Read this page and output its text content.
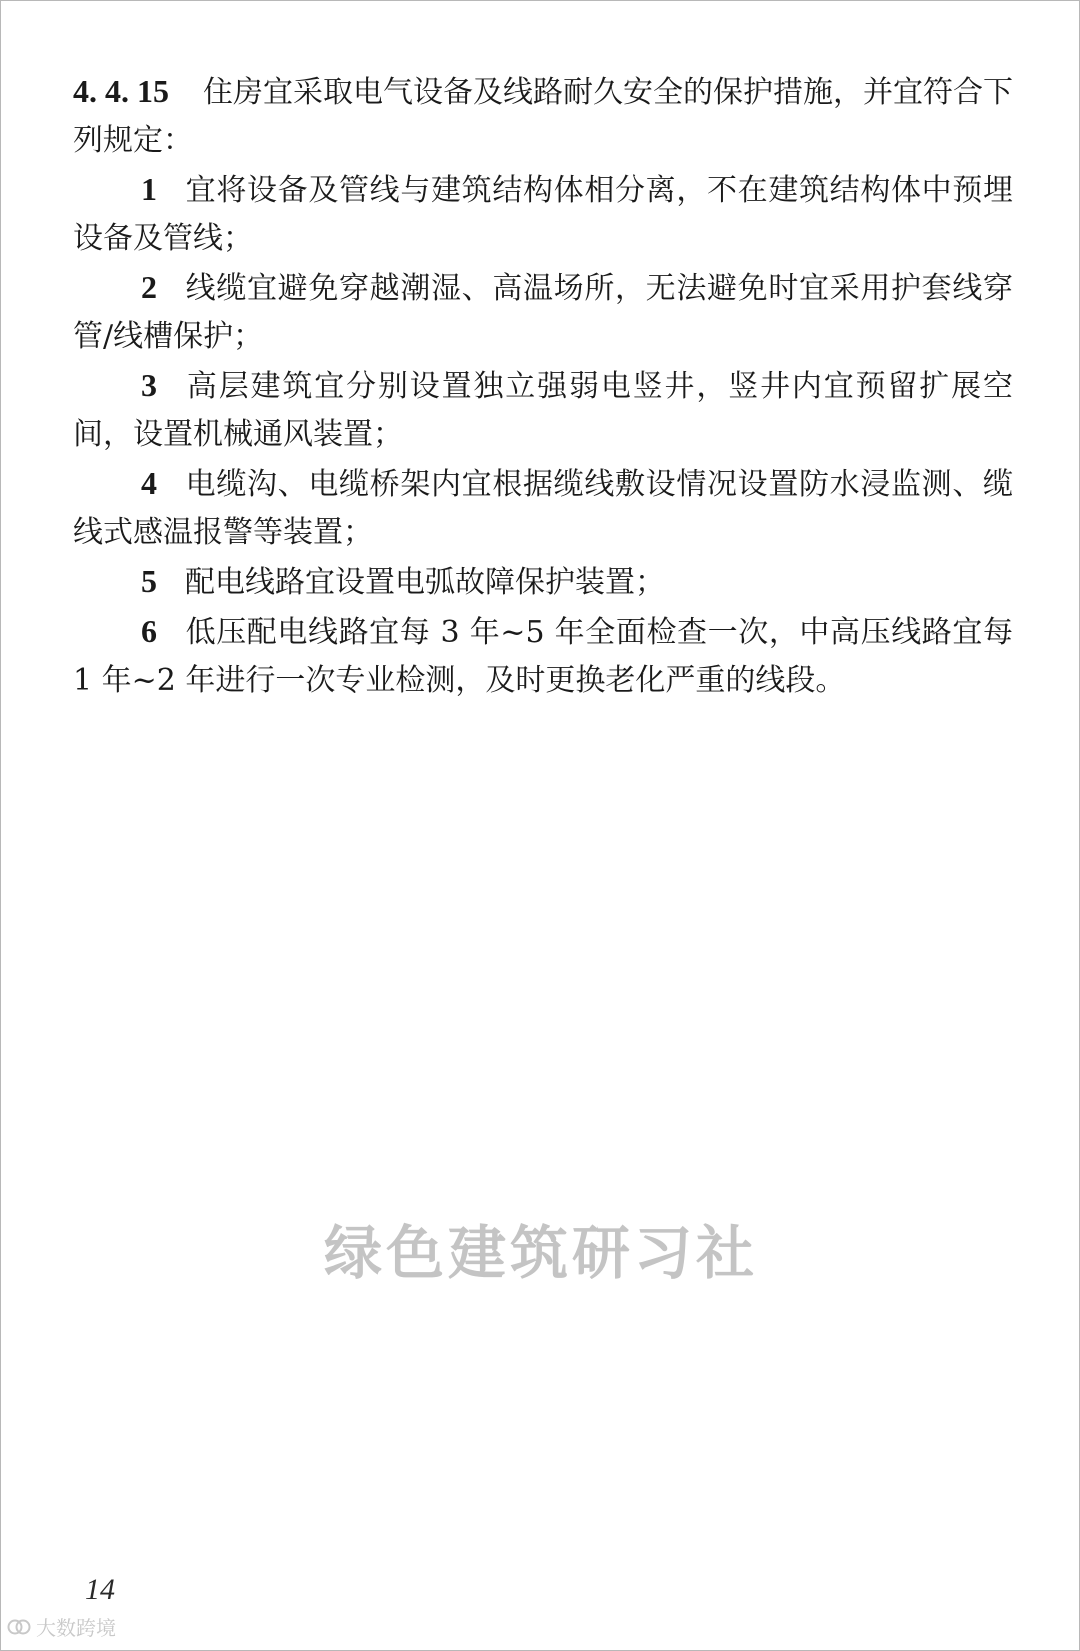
4. 4. 15 住房宜采取电气设备及线路耐久安全的保护措施，并宜符合下列规定：

1 宜将设备及管线与建筑结构体相分离，不在建筑结构体中预埋设备及管线；

2 线缆宜避免穿越潮湿、高温场所，无法避免时宜采用护套线穿管/线槽保护；

3 高层建筑宜分别设置独立强弱电竖井，竖井内宜预留扩展空间，设置机械通风装置；

4 电缆沟、电缆桥架内宜根据缆线敷设情况设置防水浸监测、缆线式感温报警等装置；

5 配电线路宜设置电弧故障保护装置；

6 低压配电线路宜每 3 年~5 年全面检查一次，中高压线路宜每 1 年~2 年进行一次专业检测，及时更换老化严重的线段。

绿色建筑研习社
14
大数跨境
